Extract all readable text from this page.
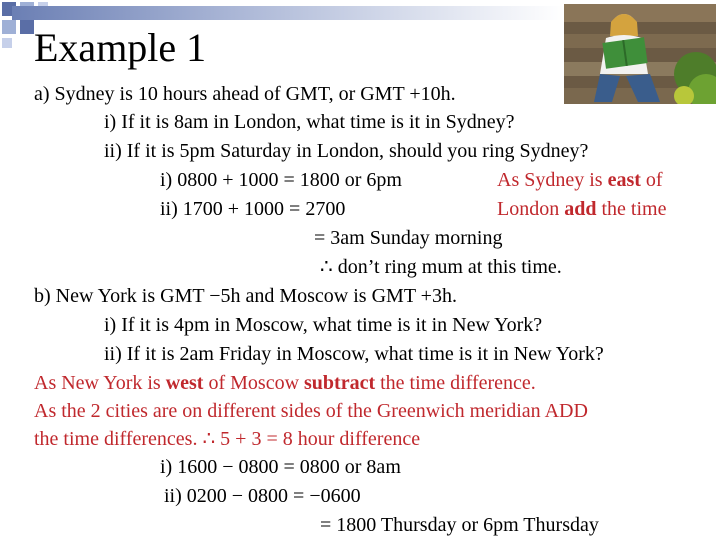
Example 1
a) Sydney is 10 hours ahead of GMT, or GMT +10h.
i) If it is 8am in London, what time is it in Sydney?
ii) If it is 5pm Saturday in London, should you ring Sydney?
i) 0800 + 1000 = 1800 or 6pm	As Sydney is east of
ii) 1700 + 1000 = 2700	London add the time
= 3am Sunday morning
∴ don’t ring mum at this time.
b) New York is GMT −5h and Moscow is GMT +3h.
i) If it is 4pm in Moscow, what time is it in New York?
ii) If it is 2am Friday in Moscow, what time is it in New York?
As New York is west of Moscow subtract the time difference.
As the 2 cities are on different sides of the Greenwich meridian ADD
the time differences. ∴ 5 + 3 = 8 hour difference
i) 1600 − 0800 = 0800 or 8am
ii) 0200 − 0800 = −0600
= 1800 Thursday or 6pm Thursday
